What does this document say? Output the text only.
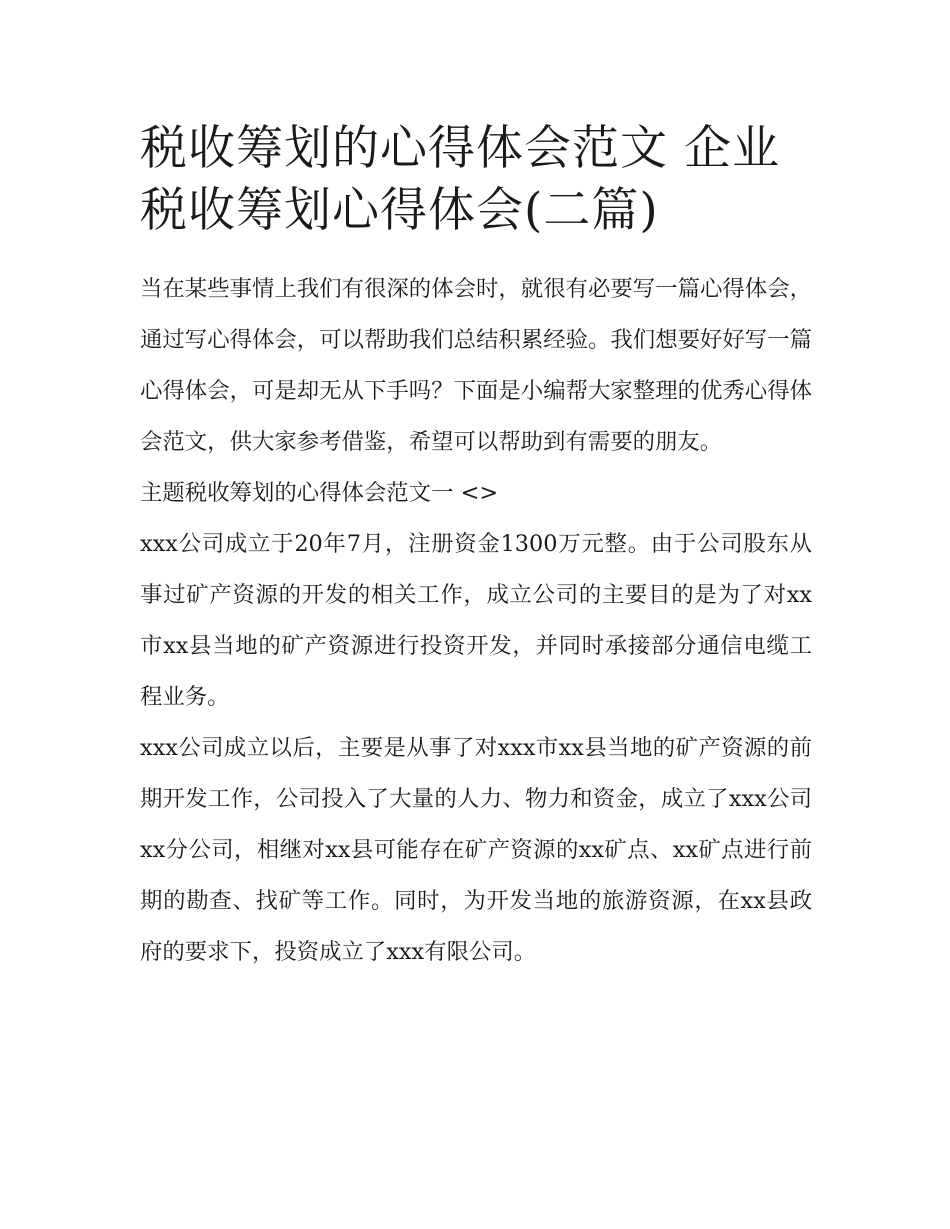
税收筹划的心得体会范文 企业税收筹划心得体会(二篇)

当在某些事情上我们有很深的体会时，就很有必要写一篇心得体会，通过写心得体会，可以帮助我们总结积累经验。我们想要好好写一篇心得体会，可是却无从下手吗？下面是小编帮大家整理的优秀心得体会范文，供大家参考借鉴，希望可以帮助到有需要的朋友。

主题税收筹划的心得体会范文一 <>

xxx公司成立于20年7月，注册资金1300万元整。由于公司股东从事过矿产资源的开发的相关工作，成立公司的主要目的是为了对xx市xx县当地的矿产资源进行投资开发，并同时承接部分通信电缆工程业务。

xxx公司成立以后，主要是从事了对xxx市xx县当地的矿产资源的前期开发工作，公司投入了大量的人力、物力和资金，成立了xxx公司xx分公司，相继对xx县可能存在矿产资源的xx矿点、xx矿点进行前期的勘查、找矿等工作。同时，为开发当地的旅游资源，在xx县政府的要求下，投资成立了xxx有限公司。
